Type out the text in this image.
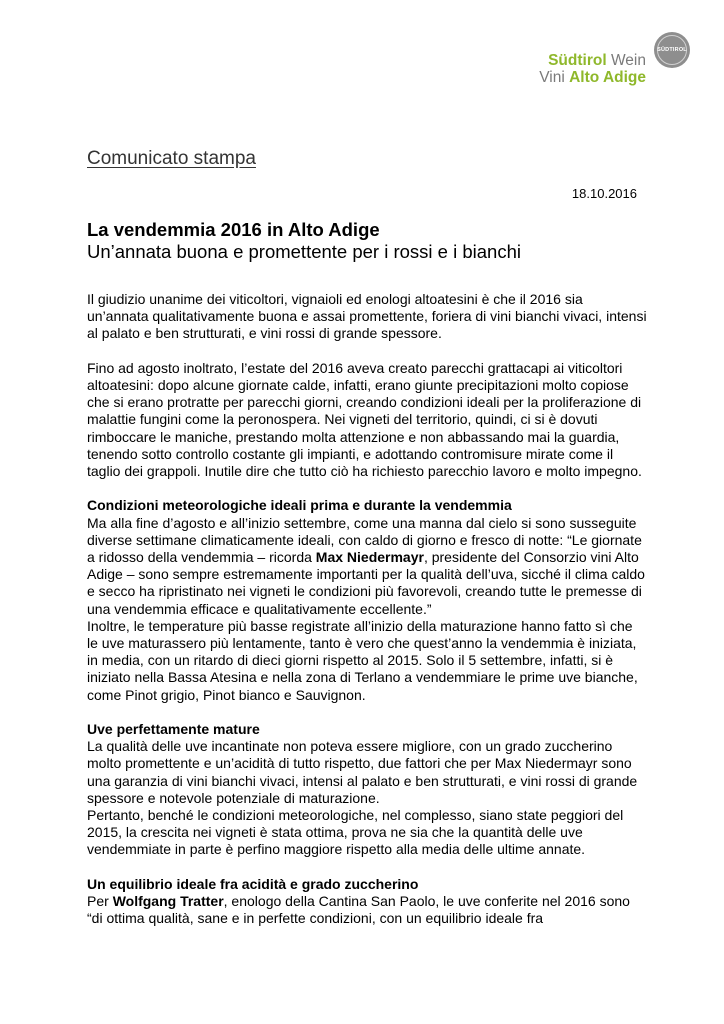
Südtirol Wein
Vini Alto Adige
SÜDTIROL
Comunicato stampa
18.10.2016
La vendemmia 2016 in Alto Adige
Un’annata buona e promettente per i rossi e i bianchi

Il giudizio unanime dei viticoltori, vignaioli ed enologi altoatesini è che il 2016 sia un’annata qualitativamente buona e assai promettente, foriera di vini bianchi vivaci, intensi al palato e ben strutturati, e vini rossi di grande spessore.

Fino ad agosto inoltrato, l’estate del 2016 aveva creato parecchi grattacapi ai viticoltori altoatesini: dopo alcune giornate calde, infatti, erano giunte precipitazioni molto copiose che si erano protratte per parecchi giorni, creando condizioni ideali per la proliferazione di malattie fungini come la peronospera. Nei vigneti del territorio, quindi, ci si è dovuti rimboccare le maniche, prestando molta attenzione e non abbassando mai la guardia, tenendo sotto controllo costante gli impianti, e adottando contromisure mirate come il taglio dei grappoli. Inutile dire che tutto ciò ha richiesto parecchio lavoro e molto impegno.

Condizioni meteorologiche ideali prima e durante la vendemmia

Ma alla fine d’agosto e all’inizio settembre, come una manna dal cielo si sono susseguite diverse settimane climaticamente ideali, con caldo di giorno e fresco di notte: “Le giornate a ridosso della vendemmia – ricorda Max Niedermayr, presidente del Consorzio vini Alto Adige – sono sempre estremamente importanti per la qualità dell’uva, sicché il clima caldo e secco ha ripristinato nei vigneti le condizioni più favorevoli, creando tutte le premesse di una vendemmia efficace e qualitativamente eccellente.”

Inoltre, le temperature più basse registrate all’inizio della maturazione hanno fatto sì che le uve maturassero più lentamente, tanto è vero che quest’anno la vendemmia è iniziata, in media, con un ritardo di dieci giorni rispetto al 2015. Solo il 5 settembre, infatti, si è iniziato nella Bassa Atesina e nella zona di Terlano a vendemmiare le prime uve bianche, come Pinot grigio, Pinot bianco e Sauvignon.

Uve perfettamente mature

La qualità delle uve incantinate non poteva essere migliore, con un grado zuccherino molto promettente e un’acidità di tutto rispetto, due fattori che per Max Niedermayr sono una garanzia di vini bianchi vivaci, intensi al palato e ben strutturati, e vini rossi di grande spessore e notevole potenziale di maturazione.

Pertanto, benché le condizioni meteorologiche, nel complesso, siano state peggiori del 2015, la crescita nei vigneti è stata ottima, prova ne sia che la quantità delle uve vendemmiate in parte è perfino maggiore rispetto alla media delle ultime annate.

Un equilibrio ideale fra acidità e grado zuccherino

Per Wolfgang Tratter, enologo della Cantina San Paolo, le uve conferite nel 2016 sono “di ottima qualità, sane e in perfette condizioni, con un equilibrio ideale fra
